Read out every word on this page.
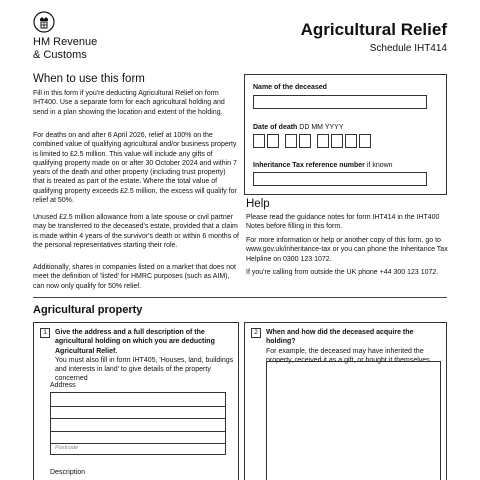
HM Revenue
& Customs
Agricultural Relief
Schedule IHT414
When to use this form
Fill in this form if you're deducting Agricultural Relief on form IHT400. Use a separate form for each agricultural holding and send in a plan showing the location and extent of the holding.
For deaths on and after 6 April 2026, relief at 100% on the combined value of qualifying agricultural and/or business property is limited to £2.5 million. This value will include any gifts of qualifying property made on or after 30 October 2024 and within 7 years of the death and other property (including trust property) that is treated as part of the estate. Where the total value of qualifying property exceeds £2.5 million, the excess will qualify for relief at 50%.
Unused £2.5 million allowance from a late spouse or civil partner may be transferred to the deceased's estate, provided that a claim is made within 4 years of the survivor's death or within 6 months of the personal representatives starting their role.
Additionally, shares in companies listed on a market that does not meet the definition of 'listed' for HMRC purposes (such as AIM), can now only qualify for 50% relief.
Name of the deceased
Date of death DD MM YYYY
Inheritance Tax reference number if known
Help
Please read the guidance notes for form IHT414 in the IHT400 Notes before filling in this form.
For more information or help or another copy of this form, go to www.gov.uk/inheritance-tax or you can phone the Inheritance Tax Helpline on 0300 123 1072.
If you're calling from outside the UK phone +44 300 123 1072.
Agricultural property
1	Give the address and a full description of the agricultural holding on which you are deducting Agricultural Relief.
You must also fill in form IHT405, 'Houses, land, buildings and interests in land' to give details of the property concerned
Address
Postcode
Description
2	When and how did the deceased acquire the holding?
For example, the deceased may have inherited the property, received it as a gift, or bought it themselves
